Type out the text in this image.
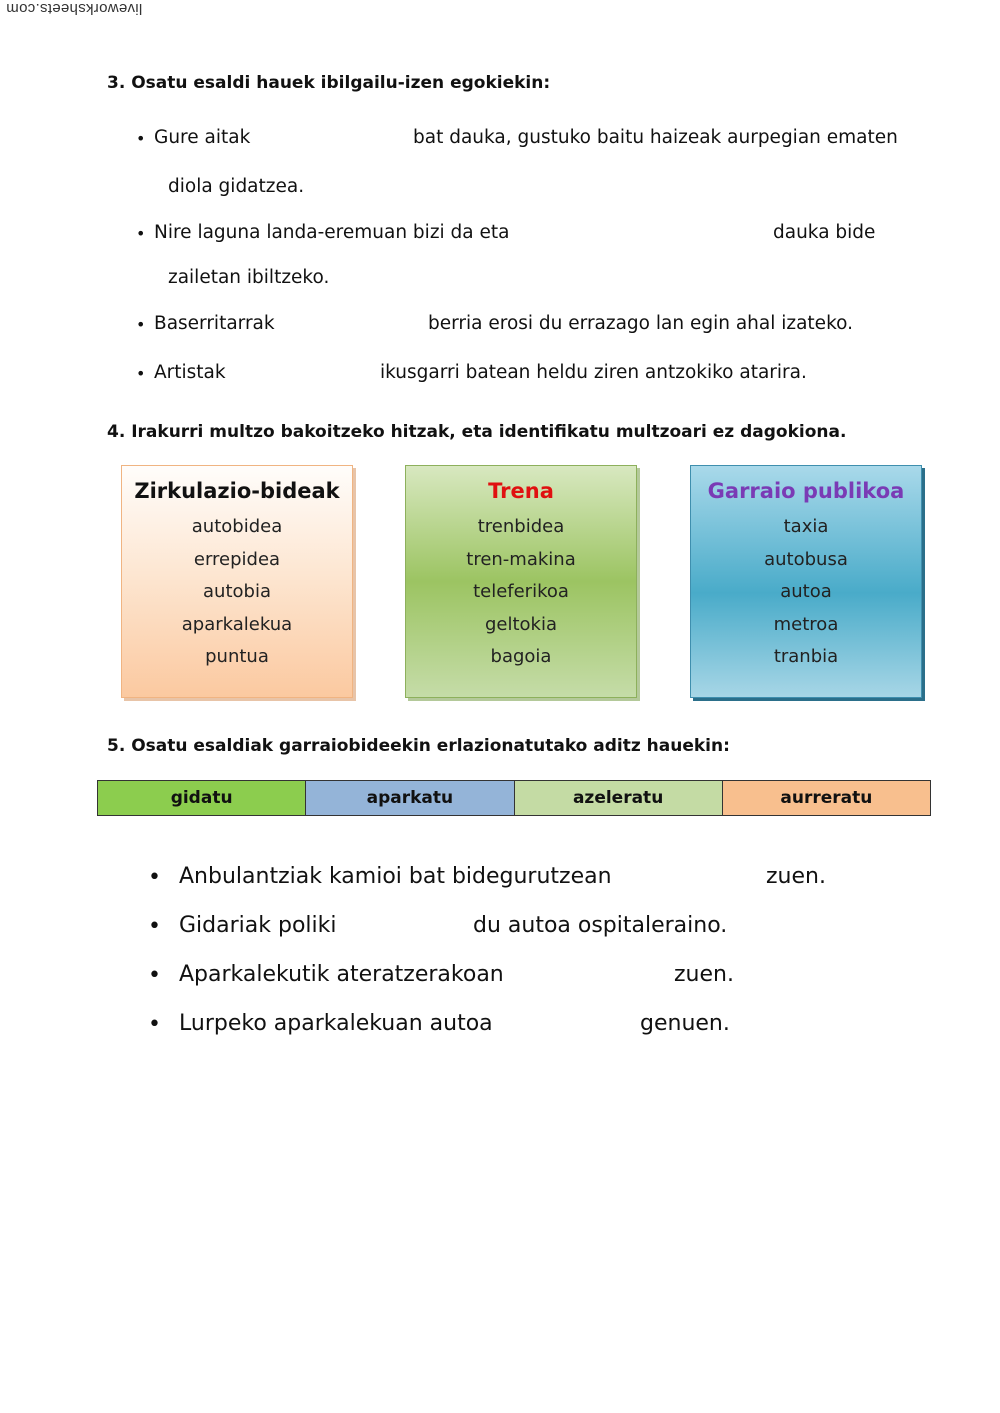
liveworksheets.com
3. Osatu esaldi hauek ibilgailu-izen egokiekin:
• Gure aitak	bat dauka, gustuko baitu haizeak aurpegian ematen
diola gidatzea.
• Nire laguna landa-eremuan bizi da eta	dauka bide
zailetan ibiltzeko.
• Baserritarrak	berria erosi du errazago lan egin ahal izateko.
• Artistak	ikusgarri batean heldu ziren antzokiko atarira.
4. Irakurri multzo bakoitzeko hitzak, eta identifikatu multzoari ez dagokiona.
Zirkulazio-bideak
autobidea
errepidea
autobia
aparkalekua
puntua
Trena
trenbidea
tren-makina
teleferikoa
geltokia
bagoia
Garraio publikoa
taxia
autobusa
autoa
metroa
tranbia
5. Osatu esaldiak garraiobideekin erlazionatutako aditz hauekin:
gidatu	aparkatu	azeleratu	aurreratu
• Anbulantziak kamioi bat bidegurutzean	zuen.
• Gidariak poliki	du autoa ospitaleraino.
• Aparkalekutik ateratzerakoan	zuen.
• Lurpeko aparkalekuan autoa	genuen.
